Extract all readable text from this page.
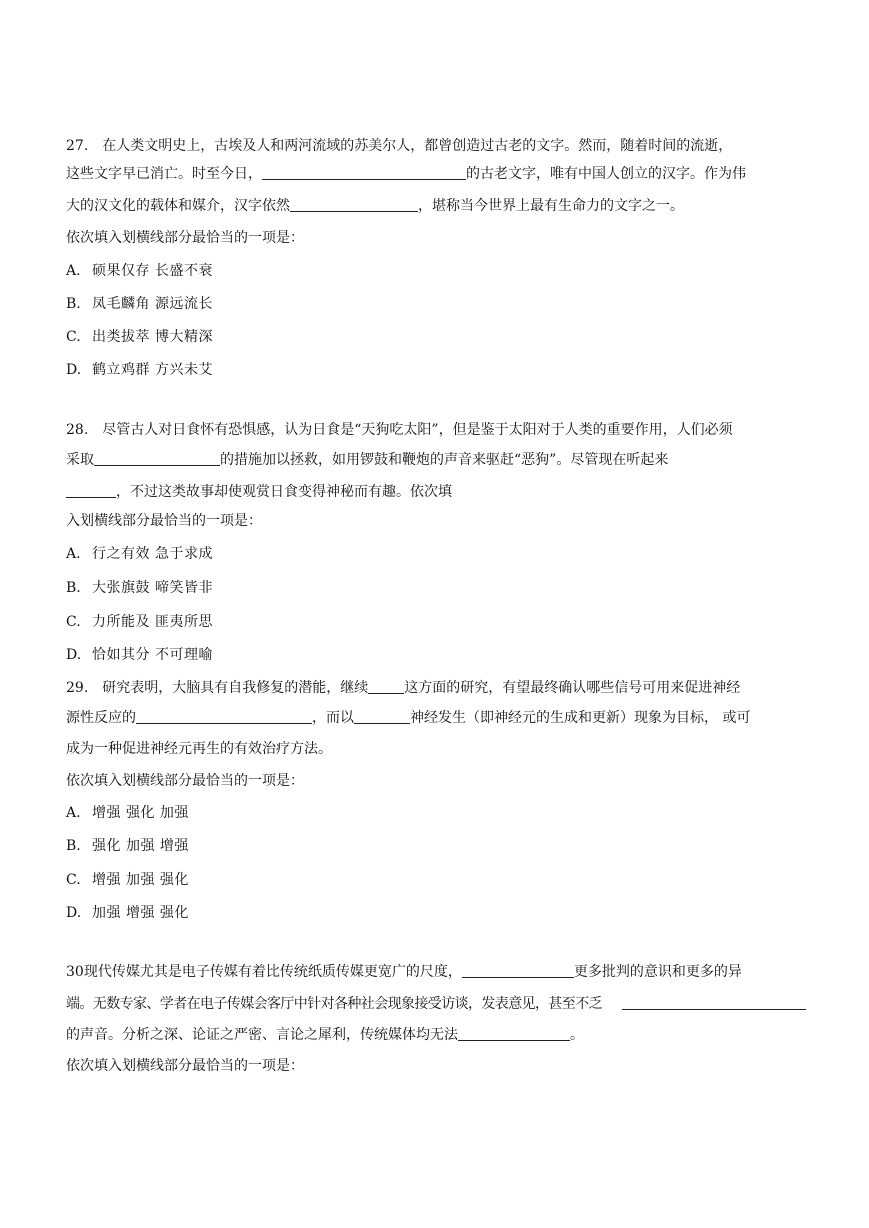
27. 在人类文明史上，古埃及人和两河流域的苏美尔人，都曾创造过古老的文字。然而，随着时间的流逝，
这些文字早已消亡。时至今日，	的古老文字，唯有中国人创立的汉字。作为伟
大的汉文化的载体和媒介，汉字依然	，堪称当今世界上最有生命力的文字之一。
依次填入划横线部分最恰当的一项是：
A. 硕果仅存 长盛不衰
B. 凤毛麟角 源远流长
C. 出类拔萃 博大精深
D. 鹤立鸡群 方兴未艾
28. 尽管古人对日食怀有恐惧感，认为日食是“天狗吃太阳”，但是鉴于太阳对于人类的重要作用，人们必须
采取	的措施加以拯救，如用锣鼓和鞭炮的声音来驱赶“恶狗”。尽管现在听起来
，不过这类故事却使观赏日食变得神秘而有趣。依次填
入划横线部分最恰当的一项是：
A. 行之有效 急于求成
B. 大张旗鼓 啼笑皆非
C. 力所能及 匪夷所思
D. 恰如其分 不可理喻
29. 研究表明，大脑具有自我修复的潜能，继续	这方面的研究，有望最终确认哪些信号可用来促进神经
源性反应的	，而以	神经发生（即神经元的生成和更新）现象为目标， 或可
成为一种促进神经元再生的有效治疗方法。
依次填入划横线部分最恰当的一项是：
A. 增强 强化 加强
B. 强化 加强 增强
C. 增强 加强 强化
D. 加强 增强 强化
30现代传媒尤其是电子传媒有着比传统纸质传媒更宽广的尺度，	更多批判的意识和更多的异
端。无数专家、学者在电子传媒会客厅中针对各种社会现象接受访谈，发表意见，甚至不乏
的声音。分析之深、论证之严密、言论之犀利，传统媒体均无法	。
依次填入划横线部分最恰当的一项是：
